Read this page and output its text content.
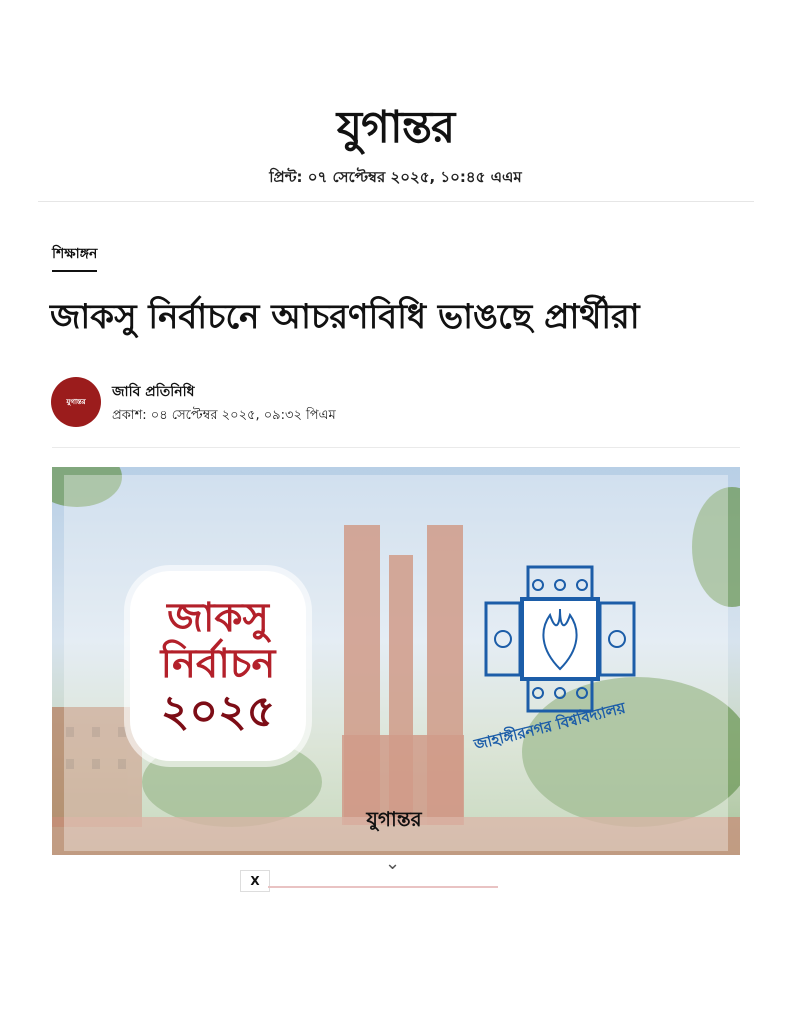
যুগান্তর
প্রিন্ট: ০৭ সেপ্টেম্বর ২০২৫, ১০:৪৫ এএম
শিক্ষাঙ্গন
জাকসু নির্বাচনে আচরণবিধি ভাঙছে প্রার্থীরা
যুগান্তর
জাবি প্রতিনিধি
প্রকাশ: ০৪ সেপ্টেম্বর ২০২৫, ০৯:৩২ পিএম
জাকসু
নির্বাচন
২০২৫	জাহাঙ্গীরনগর বিশ্ববিদ্যালয়
যুগান্তর
⌄
X
